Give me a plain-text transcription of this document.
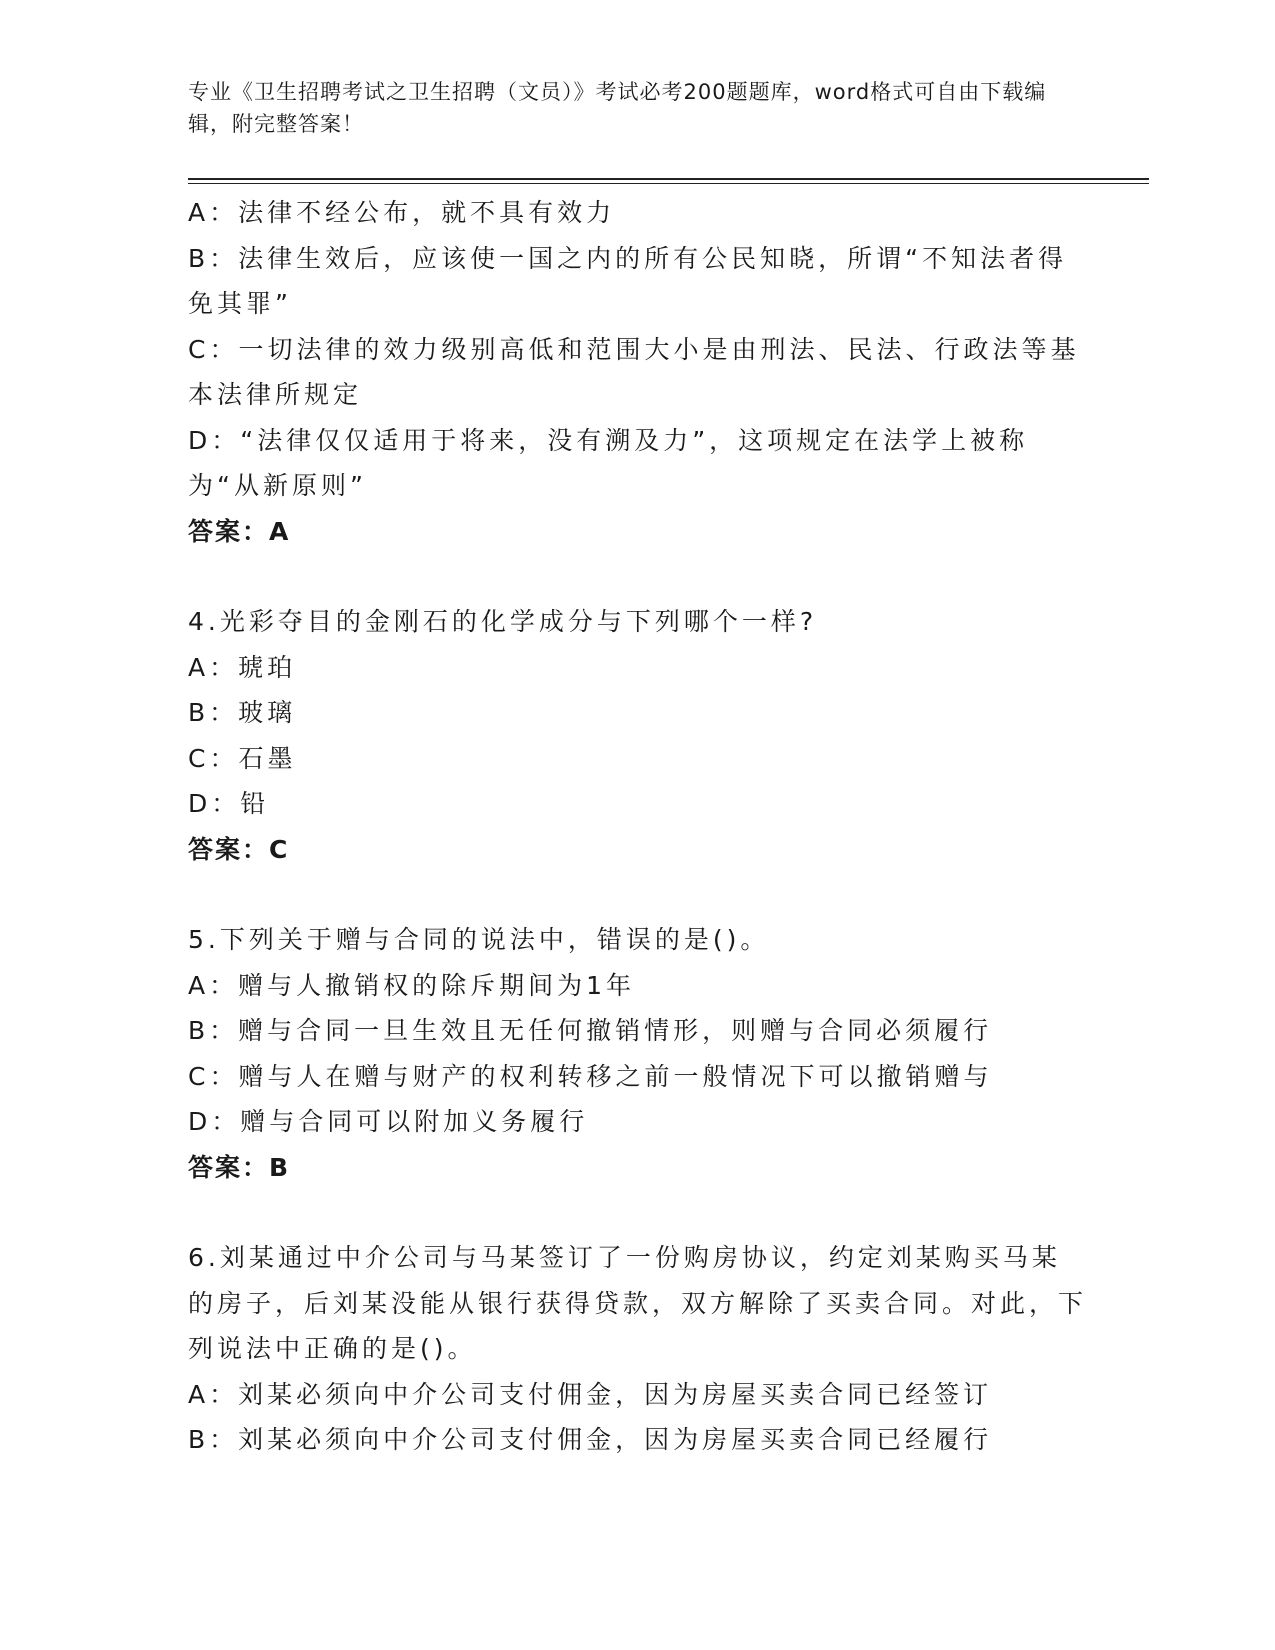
专业《卫生招聘考试之卫生招聘（文员）》考试必考200题题库，word格式可自由下载编辑，附完整答案！

A：法律不经公布，就不具有效力

B：法律生效后，应该使一国之内的所有公民知晓，所谓“不知法者得免其罪”

C：一切法律的效力级别高低和范围大小是由刑法、民法、行政法等基本法律所规定

D：“法律仅仅适用于将来，没有溯及力”，这项规定在法学上被称为“从新原则”

答案：A

4.光彩夺目的金刚石的化学成分与下列哪个一样?

A：琥珀

B：玻璃

C：石墨

D：铅

答案：C

5.下列关于赠与合同的说法中，错误的是()。

A：赠与人撤销权的除斥期间为1年

B：赠与合同一旦生效且无任何撤销情形，则赠与合同必须履行

C：赠与人在赠与财产的权利转移之前一般情况下可以撤销赠与

D：赠与合同可以附加义务履行

答案：B

6.刘某通过中介公司与马某签订了一份购房协议，约定刘某购买马某的房子，后刘某没能从银行获得贷款，双方解除了买卖合同。对此，下列说法中正确的是()。

A：刘某必须向中介公司支付佣金，因为房屋买卖合同已经签订

B：刘某必须向中介公司支付佣金，因为房屋买卖合同已经履行
